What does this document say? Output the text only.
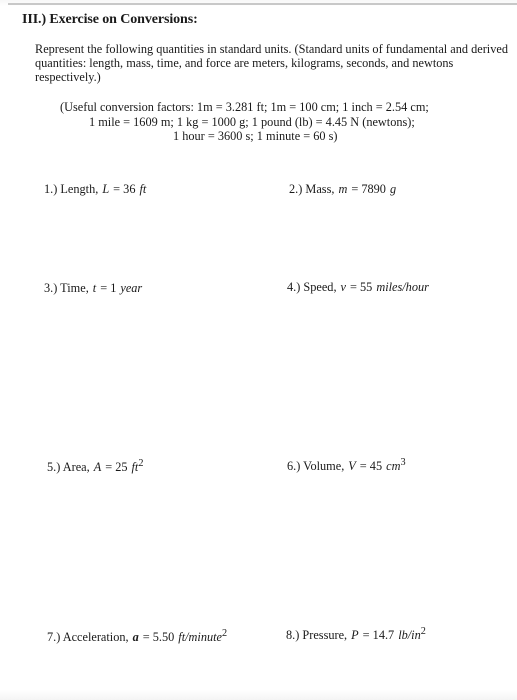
III.) Exercise on Conversions:
Represent the following quantities in standard units. (Standard units of fundamental and derived quantities: length, mass, time, and force are meters, kilograms, seconds, and newtons respectively.)
(Useful conversion factors: 1m = 3.281 ft; 1m = 100 cm; 1 inch = 2.54 cm;
1 mile = 1609 m; 1 kg = 1000 g; 1 pound (lb) = 4.45 N (newtons);
1 hour = 3600 s; 1 minute = 60 s)
1.) Length, L = 36 ft	2.) Mass, m = 7890 g
3.) Time, t = 1 year	4.) Speed, v = 55 miles/hour
5.) Area, A = 25 $ft^2$	6.) Volume, V = 45 $cm^3$
7.) Acceleration, a = 5.50 ft/minute$^2$	8.) Pressure, P = 14.7 $lb/in^2$
